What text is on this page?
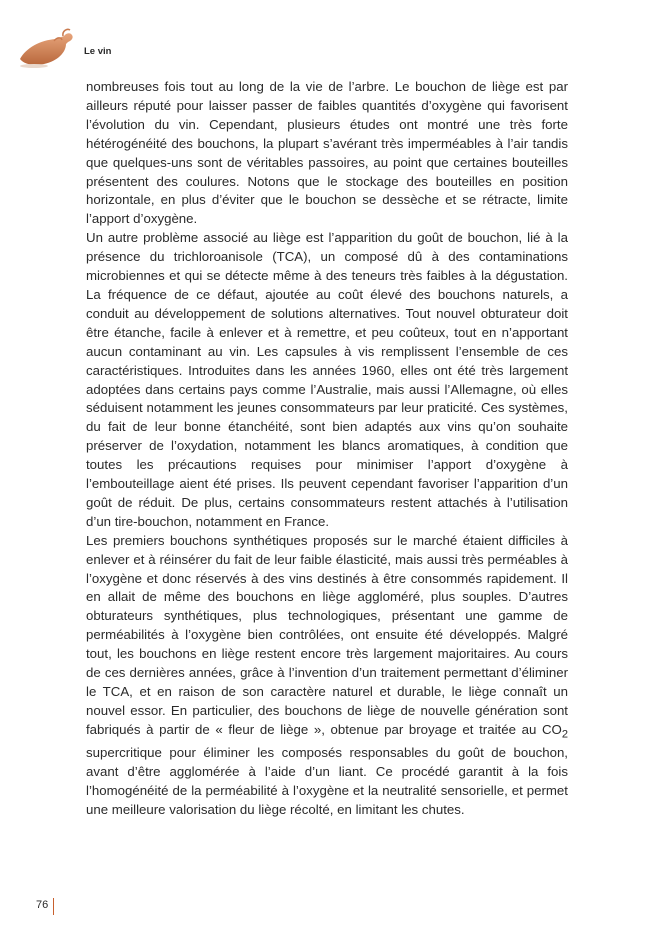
Le vin

nombreuses fois tout au long de la vie de l’arbre. Le bouchon de liège est par ailleurs réputé pour laisser passer de faibles quantités d’oxygène qui favorisent l’évolution du vin. Cependant, plusieurs études ont montré une très forte hétérogénéité des bouchons, la plupart s’avérant très imperméables à l’air tandis que quelques-uns sont de véritables passoires, au point que certaines bouteilles présentent des coulures. Notons que le stockage des bouteilles en position horizontale, en plus d’éviter que le bouchon se dessèche et se rétracte, limite l’apport d’oxygène.

Un autre problème associé au liège est l’apparition du goût de bouchon, lié à la présence du trichloroanisole (TCA), un composé dû à des contaminations microbiennes et qui se détecte même à des teneurs très faibles à la dégustation. La fréquence de ce défaut, ajoutée au coût élevé des bouchons naturels, a conduit au développement de solutions alternatives. Tout nouvel obturateur doit être étanche, facile à enlever et à remettre, et peu coûteux, tout en n’apportant aucun contaminant au vin. Les capsules à vis remplissent l’ensemble de ces caractéristiques. Introduites dans les années 1960, elles ont été très largement adoptées dans certains pays comme l’Australie, mais aussi l’Allemagne, où elles séduisent notamment les jeunes consommateurs par leur praticité. Ces systèmes, du fait de leur bonne étanchéité, sont bien adaptés aux vins qu’on souhaite préserver de l’oxydation, notamment les blancs aromatiques, à condition que toutes les précautions requises pour minimiser l’apport d’oxygène à l’embouteillage aient été prises. Ils peuvent cependant favoriser l’apparition d’un goût de réduit. De plus, certains consommateurs restent attachés à l’utilisation d’un tire-bouchon, notamment en France.

Les premiers bouchons synthétiques proposés sur le marché étaient difficiles à enlever et à réinsérer du fait de leur faible élasticité, mais aussi très perméables à l’oxygène et donc réservés à des vins destinés à être consommés rapidement. Il en allait de même des bouchons en liège aggloméré, plus souples. D’autres obturateurs synthétiques, plus technologiques, présentant une gamme de perméabilités à l’oxygène bien contrôlées, ont ensuite été développés. Malgré tout, les bouchons en liège restent encore très largement majoritaires. Au cours de ces dernières années, grâce à l’invention d’un traitement permettant d’éliminer le TCA, et en raison de son caractère naturel et durable, le liège connaît un nouvel essor. En particulier, des bouchons de liège de nouvelle génération sont fabriqués à partir de « fleur de liège », obtenue par broyage et traitée au $CO_2$ supercritique pour éliminer les composés responsables du goût de bouchon, avant d’être agglomérée à l’aide d’un liant. Ce procédé garantit à la fois l’homogénéité de la perméabilité à l’oxygène et la neutralité sensorielle, et permet une meilleure valorisation du liège récolté, en limitant les chutes.

76
